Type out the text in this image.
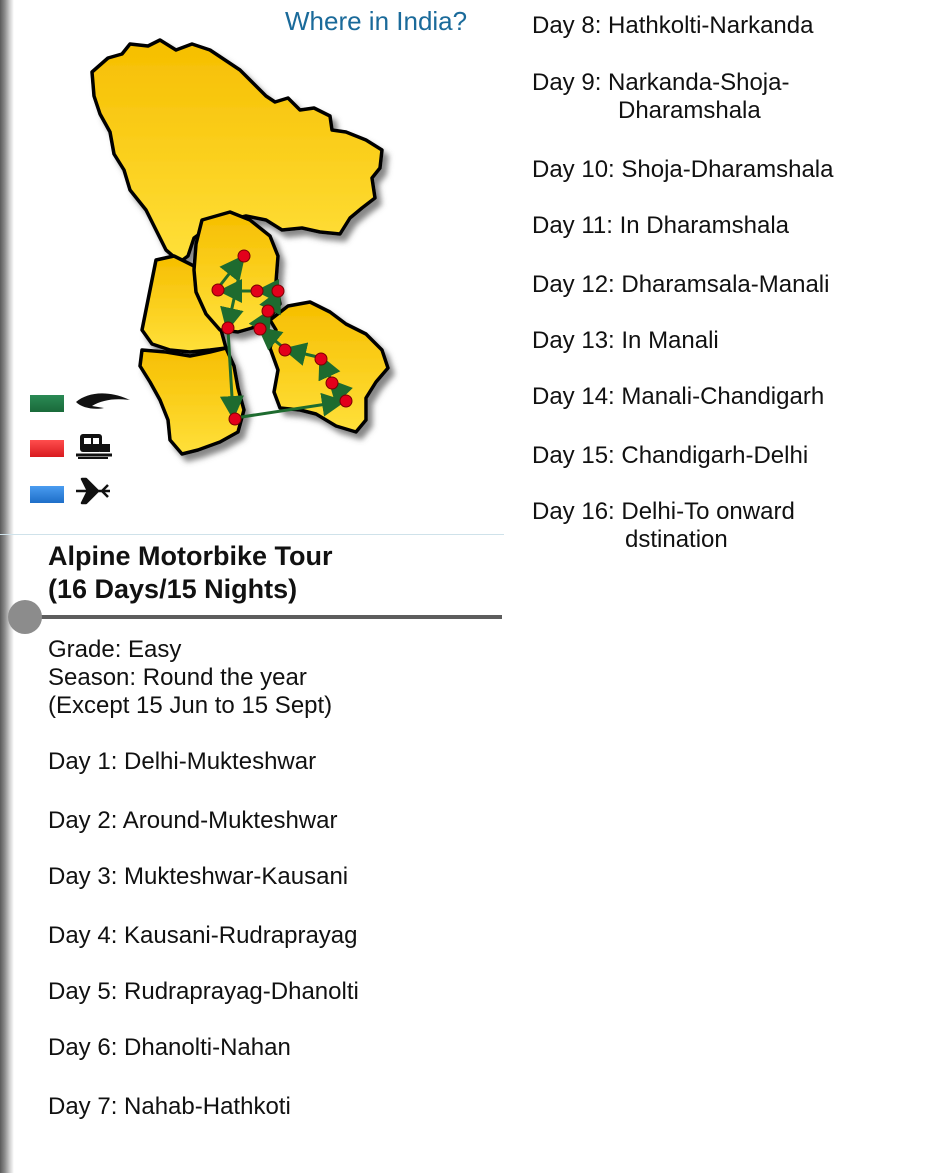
Where in India?
Alpine Motorbike Tour
(16 Days/15 Nights)
Grade: Easy
Season: Round the year
(Except 15 Jun to 15 Sept)
Day 1: Delhi-Mukteshwar
Day 2: Around-Mukteshwar
Day 3: Mukteshwar-Kausani
Day 4: Kausani-Rudraprayag
Day 5: Rudraprayag-Dhanolti
Day 6: Dhanolti-Nahan
Day 7: Nahab-Hathkoti
Day 8: Hathkolti-Narkanda
Day 9: Narkanda-Shoja-
Dharamshala
Day 10: Shoja-Dharamshala
Day 11: In Dharamshala
Day 12: Dharamsala-Manali
Day 13: In Manali
Day 14: Manali-Chandigarh
Day 15: Chandigarh-Delhi
Day 16: Delhi-To onward
dstination
